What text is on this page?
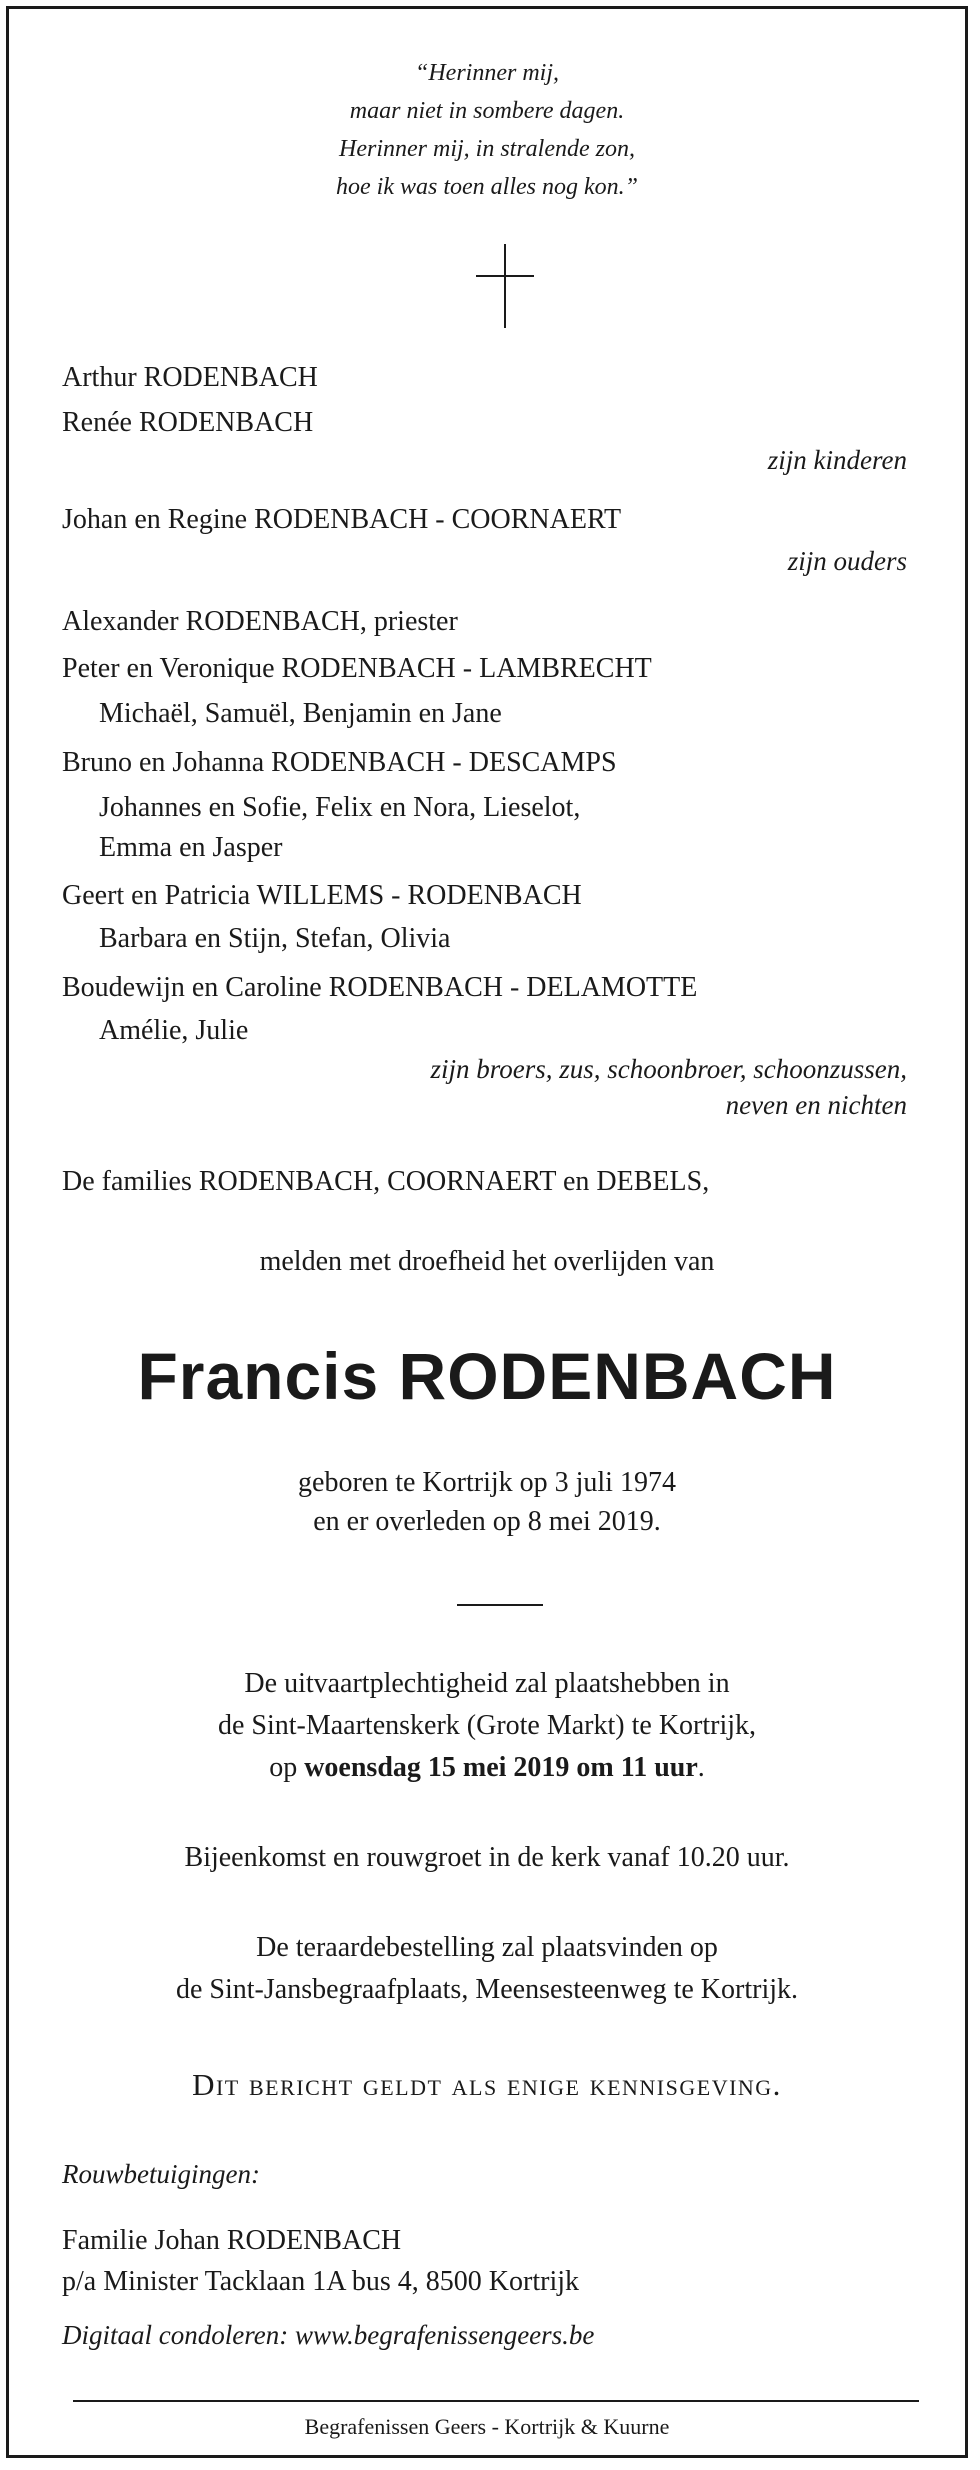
“Herinner mij,
maar niet in sombere dagen.
Herinner mij, in stralende zon,
hoe ik was toen alles nog kon.”
Arthur RODENBACH
Renée RODENBACH
zijn kinderen
Johan en Regine RODENBACH - COORNAERT
zijn ouders
Alexander RODENBACH, priester
Peter en Veronique RODENBACH - LAMBRECHT
Michaël, Samuël, Benjamin en Jane
Bruno en Johanna RODENBACH - DESCAMPS
Johannes en Sofie, Felix en Nora, Lieselot,
Emma en Jasper
Geert en Patricia WILLEMS - RODENBACH
Barbara en Stijn, Stefan, Olivia
Boudewijn en Caroline RODENBACH - DELAMOTTE
Amélie, Julie
zijn broers, zus, schoonbroer, schoonzussen,
neven en nichten
De families RODENBACH, COORNAERT en DEBELS,
melden met droefheid het overlijden van
Francis RODENBACH
geboren te Kortrijk op 3 juli 1974
en er overleden op 8 mei 2019.
De uitvaartplechtigheid zal plaatshebben in
de Sint-Maartenskerk (Grote Markt) te Kortrijk,
op woensdag 15 mei 2019 om 11 uur.
Bijeenkomst en rouwgroet in de kerk vanaf 10.20 uur.
De teraardebestelling zal plaatsvinden op
de Sint-Jansbegraafplaats, Meensesteenweg te Kortrijk.
Dit bericht geldt als enige kennisgeving.
Rouwbetuigingen:
Familie Johan RODENBACH
p/a Minister Tacklaan 1A bus 4, 8500 Kortrijk
Digitaal condoleren: www.begrafenissengeers.be
Begrafenissen Geers - Kortrijk & Kuurne
